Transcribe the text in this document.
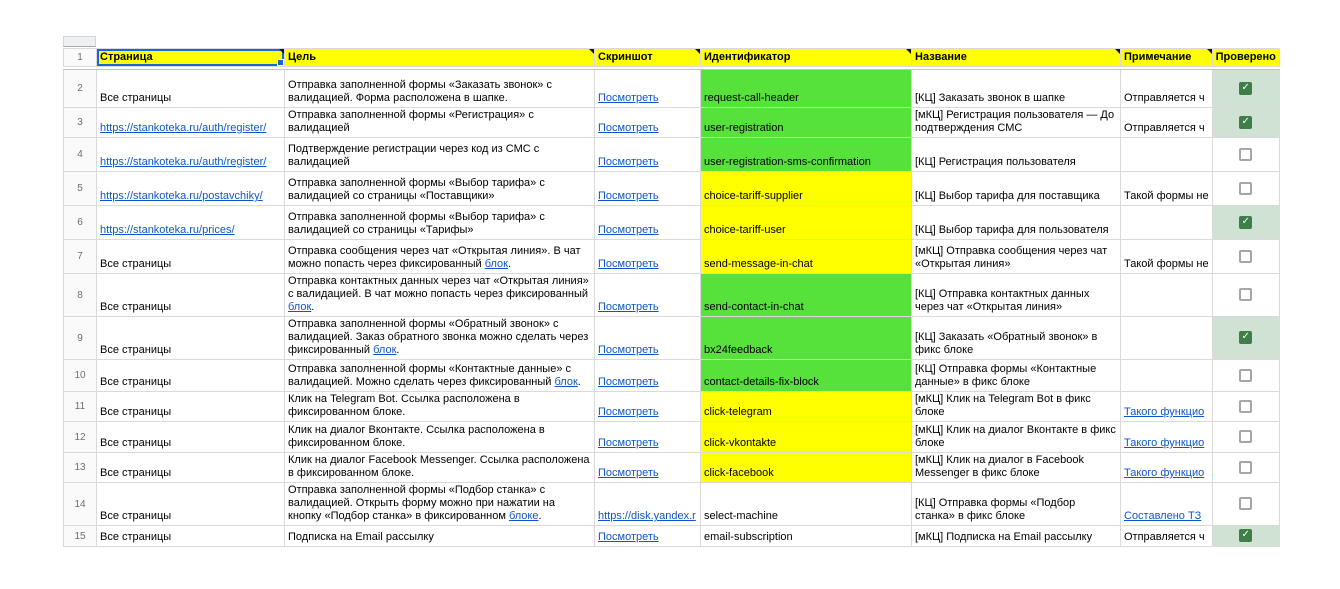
1	Страница	Цель	Скриншот	Идентификатор	Название	Примечание	Проверено

2	Все страницы	Отправка заполненной формы «Заказать звонок» с валидацией. Форма расположена в шапке.	Посмотреть	request-call-header	[КЦ] Заказать звонок в шапке	Отправляется ч	✓

3	https://stankoteka.ru/auth/register/	Отправка заполненной формы «Регистрация» с валидацией	Посмотреть	user-registration	[мКЦ] Регистрация пользователя — До подтверждения СМС	Отправляется ч	✓

4	https://stankoteka.ru/auth/register/	Подтверждение регистрации через код из СМС с валидацией	Посмотреть	user-registration-sms-confirmation	[КЦ] Регистрация пользователя		

5	https://stankoteka.ru/postavchiky/	Отправка заполненной формы «Выбор тарифа» с валидацией со страницы «Поставщики»	Посмотреть	choice-tariff-supplier	[КЦ] Выбор тарифа для поставщика	Такой формы не	

6	https://stankoteka.ru/prices/	Отправка заполненной формы «Выбор тарифа» с валидацией со страницы «Тарифы»	Посмотреть	choice-tariff-user	[КЦ] Выбор тарифа для пользователя		✓

7	Все страницы	Отправка сообщения через чат «Открытая линия». В чат можно попасть через фиксированный блок.	Посмотреть	send-message-in-chat	[мКЦ] Отправка сообщения через чат «Открытая линия»	Такой формы не	

8	Все страницы	Отправка контактных данных через чат «Открытая линия» с валидацией. В чат можно попасть через фиксированный блок.	Посмотреть	send-contact-in-chat	[КЦ] Отправка контактных данных через чат «Открытая линия»		

9	Все страницы	Отправка заполненной формы «Обратный звонок» с валидацией. Заказ обратного звонка можно сделать через фиксированный блок.	Посмотреть	bx24feedback	[КЦ] Заказать «Обратный звонок» в фикс блоке		✓

10	Все страницы	Отправка заполненной формы «Контактные данные» с валидацией. Можно сделать через фиксированный блок.	Посмотреть	contact-details-fix-block	[КЦ] Отправка формы «Контактные данные» в фикс блоке		

11	Все страницы	Клик на Telegram Bot. Ссылка расположена в фиксированном блоке.	Посмотреть	click-telegram	[мКЦ] Клик на Telegram Bot в фикс блоке	Такого функцио	

12	Все страницы	Клик на диалог Вконтакте. Ссылка расположена в фиксированном блоке.	Посмотреть	click-vkontakte	[мКЦ] Клик на диалог Вконтакте в фикс блоке	Такого функцио	

13	Все страницы	Клик на диалог Facebook Messenger. Ссылка расположена в фиксированном блоке.	Посмотреть	click-facebook	[мКЦ] Клик на диалог в Facebook Messenger в фикс блоке	Такого функцио	

14	Все страницы	Отправка заполненной формы «Подбор станка» с валидацией. Открыть форму можно при нажатии на кнопку «Подбор станка» в фиксированном блоке.	https://disk.yandex.r	select-machine	[КЦ] Отправка формы «Подбор станка» в фикс блоке	Составлено ТЗ	

15	Все страницы	Подписка на Email рассылку	Посмотреть	email-subscription	[мКЦ] Подписка на Email рассылку	Отправляется ч	✓
